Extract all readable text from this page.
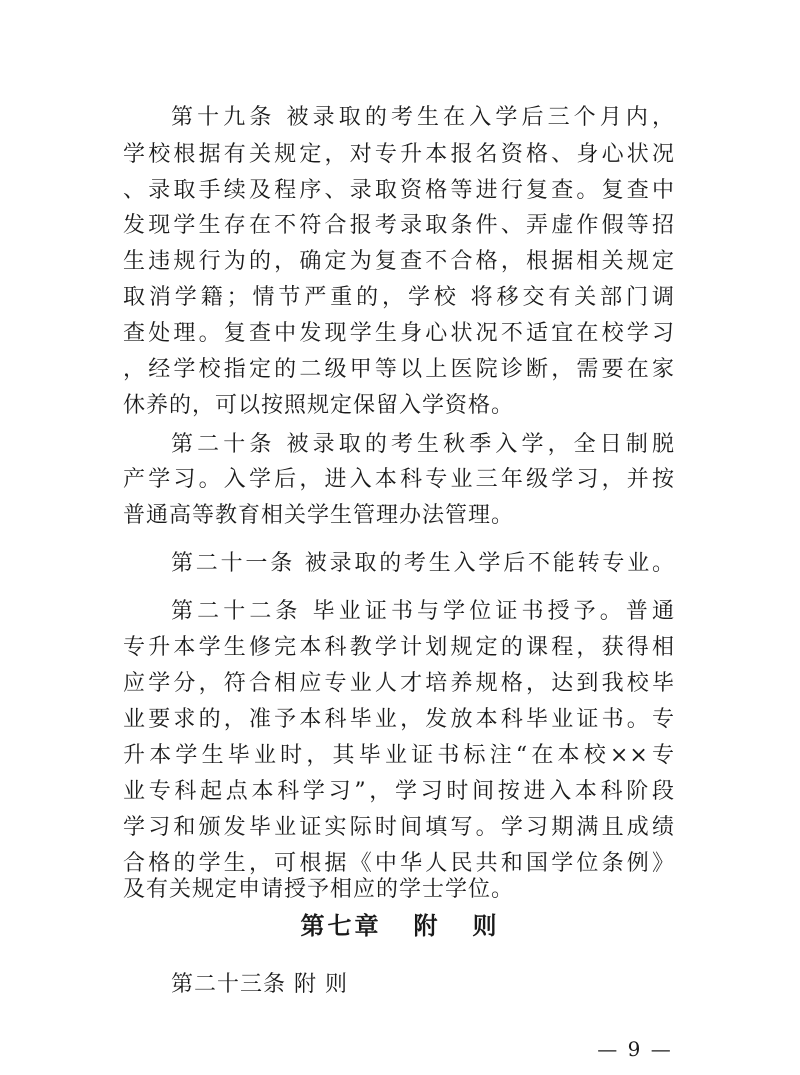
第十九条 被录取的考生在入学后三个月内，
学校根据有关规定，对专升本报名资格、身心状况
、录取手续及程序、录取资格等进行复查。复查中
发现学生存在不符合报考录取条件、弄虚作假等招
生违规行为的，确定为复查不合格，根据相关规定
取消学籍；情节严重的，学校 将移交有关部门调
查处理。复查中发现学生身心状况不适宜在校学习
，经学校指定的二级甲等以上医院诊断，需要在家
休养的，可以按照规定保留入学资格。
第二十条 被录取的考生秋季入学，全日制脱
产学习。入学后，进入本科专业三年级学习，并按
普通高等教育相关学生管理办法管理。
第二十一条 被录取的考生入学后不能转专业。
第二十二条 毕业证书与学位证书授予。普通
专升本学生修完本科教学计划规定的课程，获得相
应学分，符合相应专业人才培养规格，达到我校毕
业要求的，准予本科毕业，发放本科毕业证书。专
升本学生毕业时，其毕业证书标注“在本校××专
业专科起点本科学习”，学习时间按进入本科阶段
学习和颁发毕业证实际时间填写。学习期满且成绩
合格的学生，可根据《中华人民共和国学位条例》
及有关规定申请授予相应的学士学位。
第二十三条 附 则
第七章 附 则
— 9 —
